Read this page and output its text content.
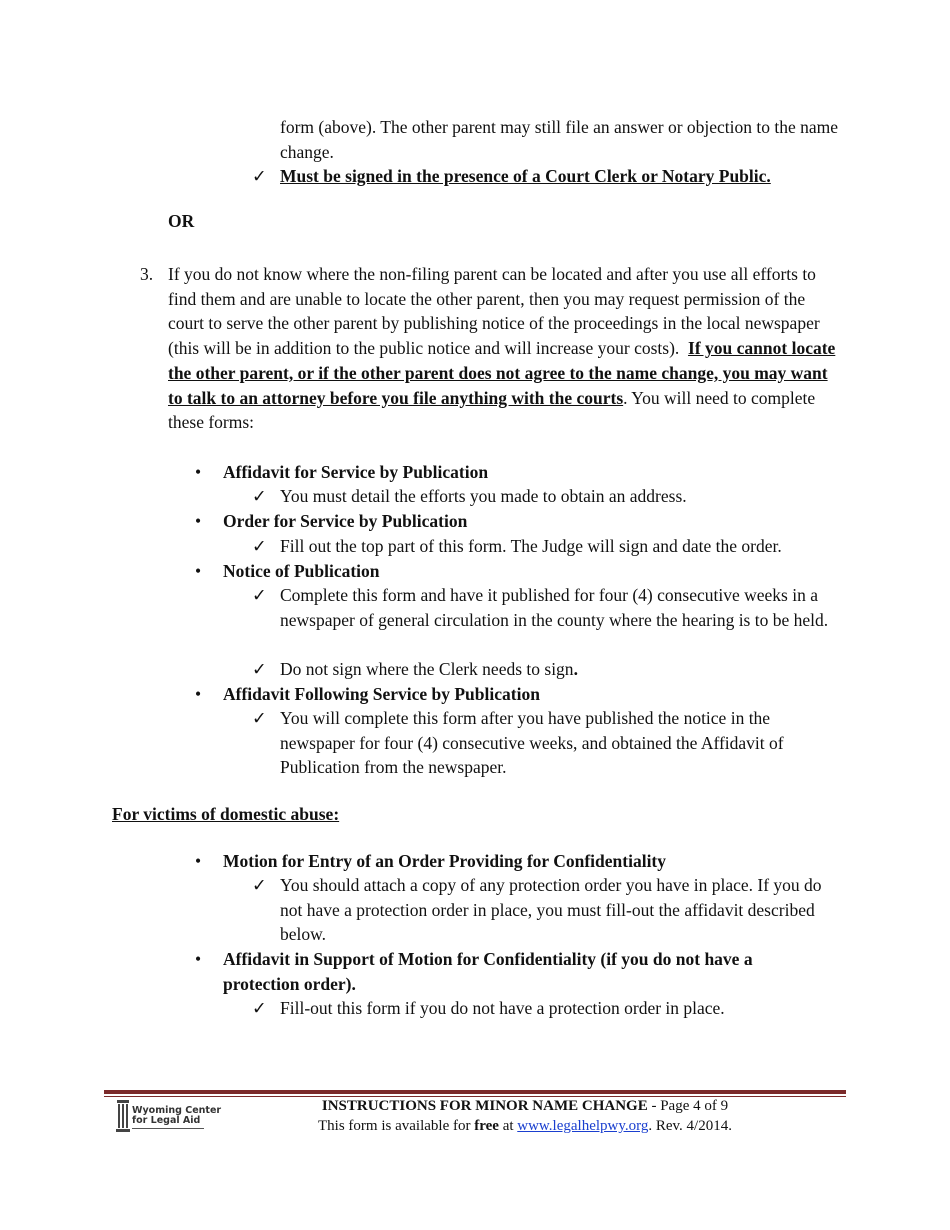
form (above). The other parent may still file an answer or objection to the name change.
✓ Must be signed in the presence of a Court Clerk or Notary Public.
OR
3. If you do not know where the non-filing parent can be located and after you use all efforts to find them and are unable to locate the other parent, then you may request permission of the court to serve the other parent by publishing notice of the proceedings in the local newspaper (this will be in addition to the public notice and will increase your costs). If you cannot locate the other parent, or if the other parent does not agree to the name change, you may want to talk to an attorney before you file anything with the courts. You will need to complete these forms:
•	Affidavit for Service by Publication
✓ You must detail the efforts you made to obtain an address.
•	Order for Service by Publication
✓ Fill out the top part of this form. The Judge will sign and date the order.
•	Notice of Publication
✓ Complete this form and have it published for four (4) consecutive weeks in a newspaper of general circulation in the county where the hearing is to be held.
✓ Do not sign where the Clerk needs to sign.
•	Affidavit Following Service by Publication
✓ You will complete this form after you have published the notice in the newspaper for four (4) consecutive weeks, and obtained the Affidavit of Publication from the newspaper.
For victims of domestic abuse:
•	Motion for Entry of an Order Providing for Confidentiality
✓ You should attach a copy of any protection order you have in place. If you do not have a protection order in place, you must fill-out the affidavit described below.
•	Affidavit in Support of Motion for Confidentiality (if you do not have a
protection order).
✓ Fill-out this form if you do not have a protection order in place.
Wyoming Center
for Legal Aid
INSTRUCTIONS FOR MINOR NAME CHANGE - Page 4 of 9
This form is available for free at www.legalhelpwy.org. Rev. 4/2014.
